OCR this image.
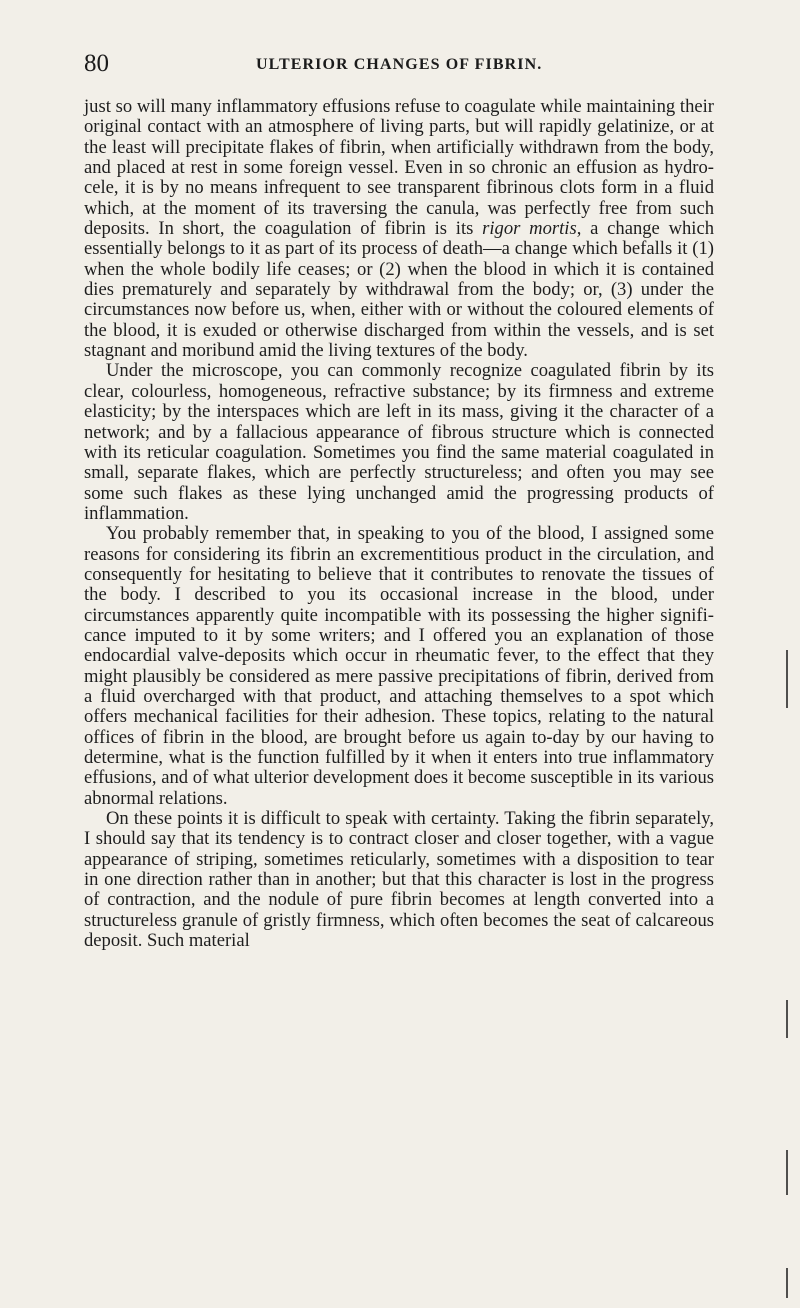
80	ULTERIOR CHANGES OF FIBRIN.

just so will many inflammatory effusions refuse to coagulate while maintaining their original contact with an atmosphere of living parts, but will rapidly gelatinize, or at the least will precipitate flakes of fibrin, when artificially withdrawn from the body, and placed at rest in some foreign vessel. Even in so chronic an effusion as hydrocele, it is by no means infrequent to see transparent fibrinous clots form in a fluid which, at the moment of its traversing the canula, was perfectly free from such deposits. In short, the coagulation of fibrin is its rigor mortis, a change which essentially belongs to it as part of its process of death—a change which befalls it (1) when the whole bodily life ceases; or (2) when the blood in which it is contained dies prematurely and separately by withdrawal from the body; or, (3) under the circumstances now before us, when, either with or without the coloured elements of the blood, it is exuded or otherwise discharged from within the vessels, and is set stagnant and moribund amid the living textures of the body.

Under the microscope, you can commonly recognize coagulated fibrin by its clear, colourless, homogeneous, refractive substance; by its firmness and extreme elasticity; by the interspaces which are left in its mass, giving it the character of a network; and by a fallacious appearance of fibrous structure which is connected with its reticular coagulation. Sometimes you find the same material coagulated in small, separate flakes, which are perfectly structureless; and often you may see some such flakes as these lying unchanged amid the progressing products of inflammation.

You probably remember that, in speaking to you of the blood, I assigned some reasons for considering its fibrin an excrementitious product in the circulation, and consequently for hesitating to believe that it contributes to renovate the tissues of the body. I described to you its occasional increase in the blood, under circumstances apparently quite incompatible with its possessing the higher significance imputed to it by some writers; and I offered you an explanation of those endocardial valve-deposits which occur in rheumatic fever, to the effect that they might plausibly be considered as mere passive precipitations of fibrin, derived from a fluid overcharged with that product, and attaching themselves to a spot which offers mechanical facilities for their adhesion. These topics, relating to the natural offices of fibrin in the blood, are brought before us again to-day by our having to determine, what is the function fulfilled by it when it enters into true inflammatory effusions, and of what ulterior development does it become susceptible in its various abnormal relations.

On these points it is difficult to speak with certainty. Taking the fibrin separately, I should say that its tendency is to contract closer and closer together, with a vague appearance of striping, sometimes reticularly, sometimes with a disposition to tear in one direction rather than in another; but that this character is lost in the progress of contraction, and the nodule of pure fibrin becomes at length converted into a structureless granule of gristly firmness, which often becomes the seat of calcareous deposit. Such material
